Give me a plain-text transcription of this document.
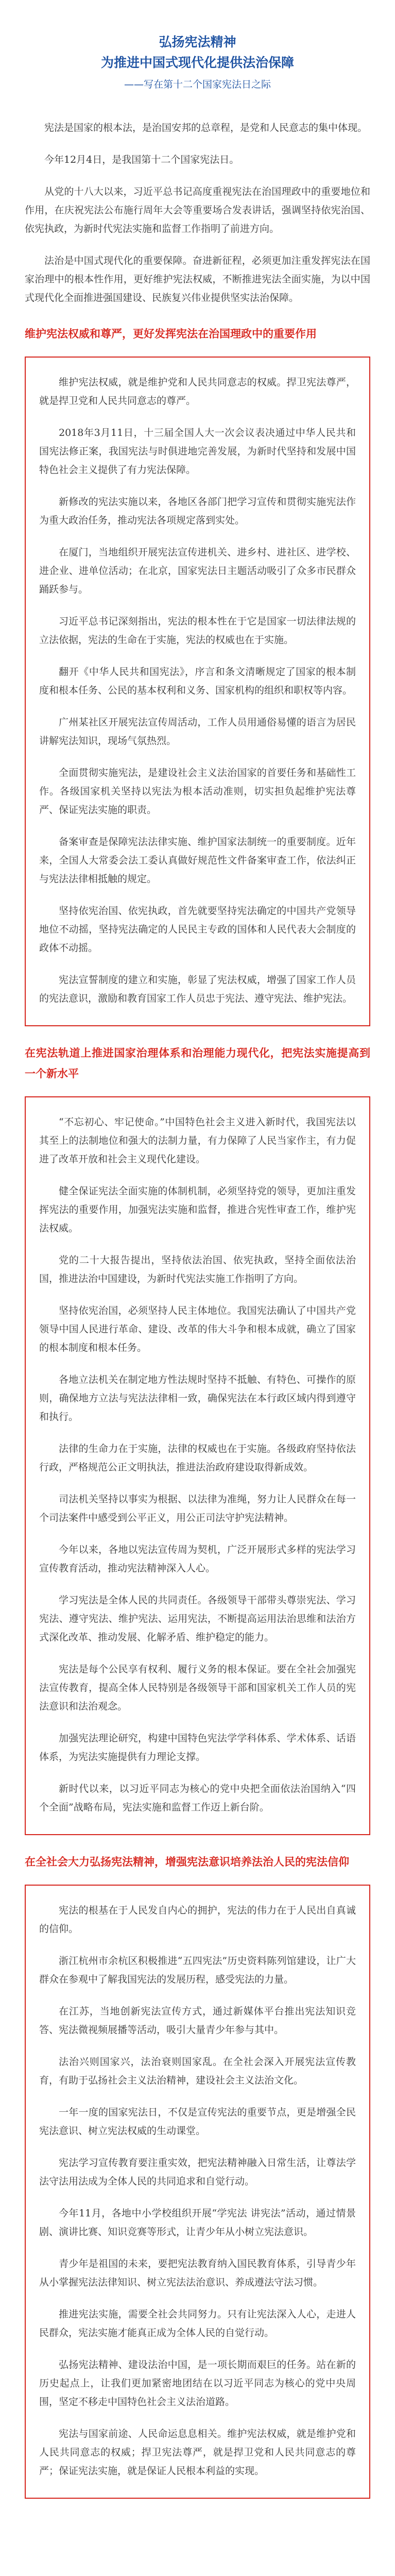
弘扬宪法精神
为推进中国式现代化提供法治保障
——写在第十二个国家宪法日之际

宪法是国家的根本法，是治国安邦的总章程，是党和人民意志的集中体现。

今年12月4日，是我国第十二个国家宪法日。

从党的十八大以来，习近平总书记高度重视宪法在治国理政中的重要地位和作用，在庆祝宪法公布施行周年大会等重要场合发表讲话，强调坚持依宪治国、依宪执政，为新时代宪法实施和监督工作指明了前进方向。

法治是中国式现代化的重要保障。奋进新征程，必须更加注重发挥宪法在国家治理中的根本性作用，更好维护宪法权威，不断推进宪法全面实施，为以中国式现代化全面推进强国建设、民族复兴伟业提供坚实法治保障。

维护宪法权威和尊严，更好发挥宪法在治国理政中的重要作用

维护宪法权威，就是维护党和人民共同意志的权威。捍卫宪法尊严，就是捍卫党和人民共同意志的尊严。

2018年3月11日，十三届全国人大一次会议表决通过中华人民共和国宪法修正案，我国宪法与时俱进地完善发展，为新时代坚持和发展中国特色社会主义提供了有力宪法保障。

新修改的宪法实施以来，各地区各部门把学习宣传和贯彻实施宪法作为重大政治任务，推动宪法各项规定落到实处。

在厦门，当地组织开展宪法宣传进机关、进乡村、进社区、进学校、进企业、进单位活动；在北京，国家宪法日主题活动吸引了众多市民群众踊跃参与。

习近平总书记深刻指出，宪法的根本性在于它是国家一切法律法规的立法依据，宪法的生命在于实施，宪法的权威也在于实施。

翻开《中华人民共和国宪法》，序言和条文清晰规定了国家的根本制度和根本任务、公民的基本权利和义务、国家机构的组织和职权等内容。

广州某社区开展宪法宣传周活动，工作人员用通俗易懂的语言为居民讲解宪法知识，现场气氛热烈。

全面贯彻实施宪法，是建设社会主义法治国家的首要任务和基础性工作。各级国家机关坚持以宪法为根本活动准则，切实担负起维护宪法尊严、保证宪法实施的职责。

备案审查是保障宪法法律实施、维护国家法制统一的重要制度。近年来，全国人大常委会法工委认真做好规范性文件备案审查工作，依法纠正与宪法法律相抵触的规定。

坚持依宪治国、依宪执政，首先就要坚持宪法确定的中国共产党领导地位不动摇，坚持宪法确定的人民民主专政的国体和人民代表大会制度的政体不动摇。

宪法宣誓制度的建立和实施，彰显了宪法权威，增强了国家工作人员的宪法意识，激励和教育国家工作人员忠于宪法、遵守宪法、维护宪法。

在宪法轨道上推进国家治理体系和治理能力现代化，把宪法实施提高到一个新水平

“不忘初心、牢记使命。”中国特色社会主义进入新时代，我国宪法以其至上的法制地位和强大的法制力量，有力保障了人民当家作主，有力促进了改革开放和社会主义现代化建设。

健全保证宪法全面实施的体制机制，必须坚持党的领导，更加注重发挥宪法的重要作用，加强宪法实施和监督，推进合宪性审查工作，维护宪法权威。

党的二十大报告提出，坚持依法治国、依宪执政，坚持全面依法治国，推进法治中国建设，为新时代宪法实施工作指明了方向。

坚持依宪治国，必须坚持人民主体地位。我国宪法确认了中国共产党领导中国人民进行革命、建设、改革的伟大斗争和根本成就，确立了国家的根本制度和根本任务。

各地立法机关在制定地方性法规时坚持不抵触、有特色、可操作的原则，确保地方立法与宪法法律相一致，确保宪法在本行政区域内得到遵守和执行。

法律的生命力在于实施，法律的权威也在于实施。各级政府坚持依法行政，严格规范公正文明执法，推进法治政府建设取得新成效。

司法机关坚持以事实为根据、以法律为准绳，努力让人民群众在每一个司法案件中感受到公平正义，用公正司法守护宪法精神。

今年以来，各地以宪法宣传周为契机，广泛开展形式多样的宪法学习宣传教育活动，推动宪法精神深入人心。

学习宪法是全体人民的共同责任。各级领导干部带头尊崇宪法、学习宪法、遵守宪法、维护宪法、运用宪法，不断提高运用法治思维和法治方式深化改革、推动发展、化解矛盾、维护稳定的能力。

宪法是每个公民享有权利、履行义务的根本保证。要在全社会加强宪法宣传教育，提高全体人民特别是各级领导干部和国家机关工作人员的宪法意识和法治观念。

加强宪法理论研究，构建中国特色宪法学学科体系、学术体系、话语体系，为宪法实施提供有力理论支撑。

新时代以来，以习近平同志为核心的党中央把全面依法治国纳入“四个全面”战略布局，宪法实施和监督工作迈上新台阶。

在全社会大力弘扬宪法精神，增强宪法意识培养法治人民的宪法信仰

宪法的根基在于人民发自内心的拥护，宪法的伟力在于人民出自真诚的信仰。

浙江杭州市余杭区积极推进“五四宪法”历史资料陈列馆建设，让广大群众在参观中了解我国宪法的发展历程，感受宪法的力量。

在江苏，当地创新宪法宣传方式，通过新媒体平台推出宪法知识竞答、宪法微视频展播等活动，吸引大量青少年参与其中。

法治兴则国家兴，法治衰则国家乱。在全社会深入开展宪法宣传教育，有助于弘扬社会主义法治精神，建设社会主义法治文化。

一年一度的国家宪法日，不仅是宣传宪法的重要节点，更是增强全民宪法意识、树立宪法权威的生动课堂。

宪法学习宣传教育要注重实效，把宪法精神融入日常生活，让尊法学法守法用法成为全体人民的共同追求和自觉行动。

今年11月，各地中小学校组织开展“学宪法 讲宪法”活动，通过情景剧、演讲比赛、知识竞赛等形式，让青少年从小树立宪法意识。

青少年是祖国的未来，要把宪法教育纳入国民教育体系，引导青少年从小掌握宪法法律知识、树立宪法法治意识、养成遵法守法习惯。

推进宪法实施，需要全社会共同努力。只有让宪法深入人心，走进人民群众，宪法实施才能真正成为全体人民的自觉行动。

弘扬宪法精神、建设法治中国，是一项长期而艰巨的任务。站在新的历史起点上，让我们更加紧密地团结在以习近平同志为核心的党中央周围，坚定不移走中国特色社会主义法治道路。

宪法与国家前途、人民命运息息相关。维护宪法权威，就是维护党和人民共同意志的权威；捍卫宪法尊严，就是捍卫党和人民共同意志的尊严；保证宪法实施，就是保证人民根本利益的实现。
